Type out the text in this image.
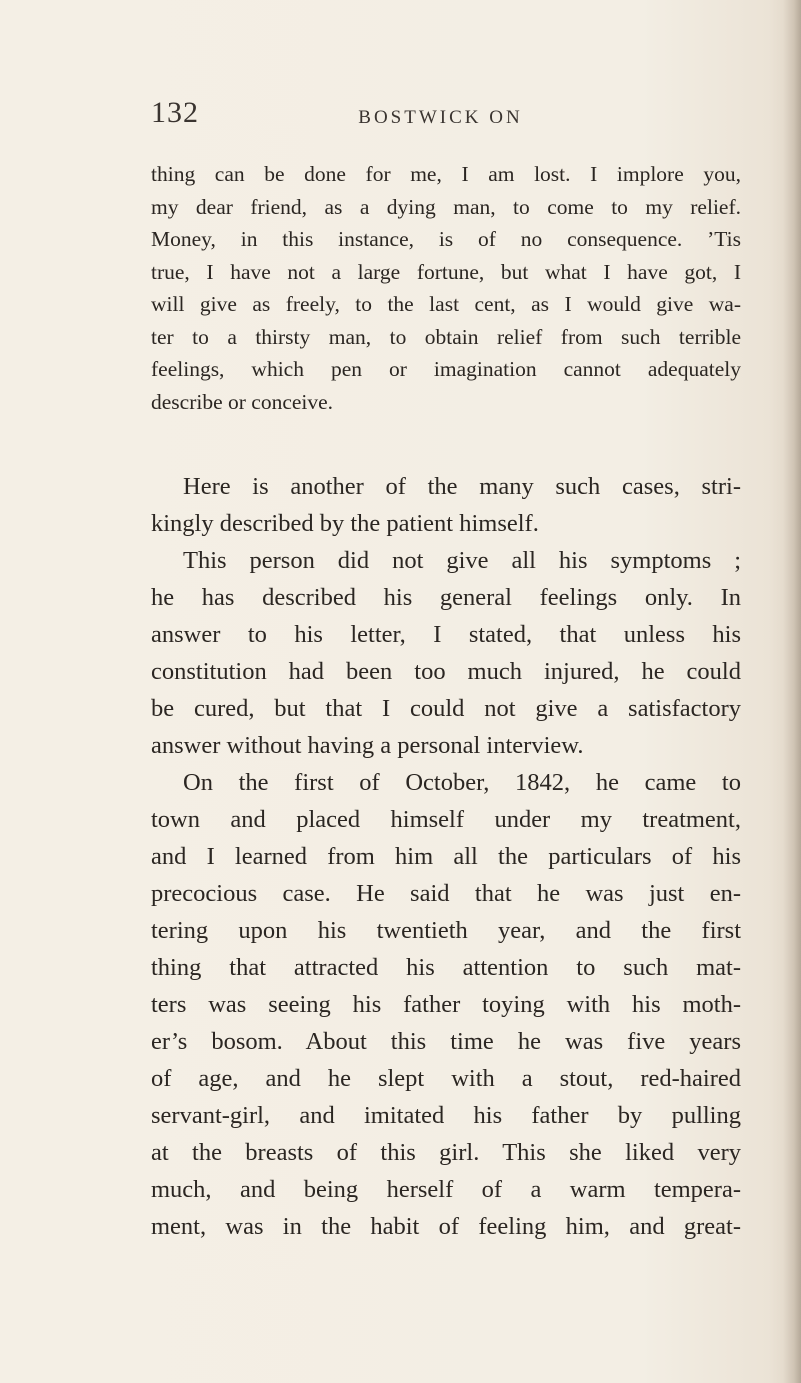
132	BOSTWICK ON
thing can be done for me, I am lost. I implore you,
my dear friend, as a dying man, to come to my relief.
Money, in this instance, is of no consequence. ’Tis
true, I have not a large fortune, but what I have got, I
will give as freely, to the last cent, as I would give wa-
ter to a thirsty man, to obtain relief from such terrible
feelings, which pen or imagination cannot adequately
describe or conceive.
Here is another of the many such cases, stri-
kingly described by the patient himself.
This person did not give all his symptoms ;
he has described his general feelings only. In
answer to his letter, I stated, that unless his
constitution had been too much injured, he could
be cured, but that I could not give a satisfactory
answer without having a personal interview.
On the first of October, 1842, he came to
town and placed himself under my treatment,
and I learned from him all the particulars of his
precocious case. He said that he was just en-
tering upon his twentieth year, and the first
thing that attracted his attention to such mat-
ters was seeing his father toying with his moth-
er’s bosom. About this time he was five years
of age, and he slept with a stout, red-haired
servant-girl, and imitated his father by pulling
at the breasts of this girl. This she liked very
much, and being herself of a warm tempera-
ment, was in the habit of feeling him, and great-
